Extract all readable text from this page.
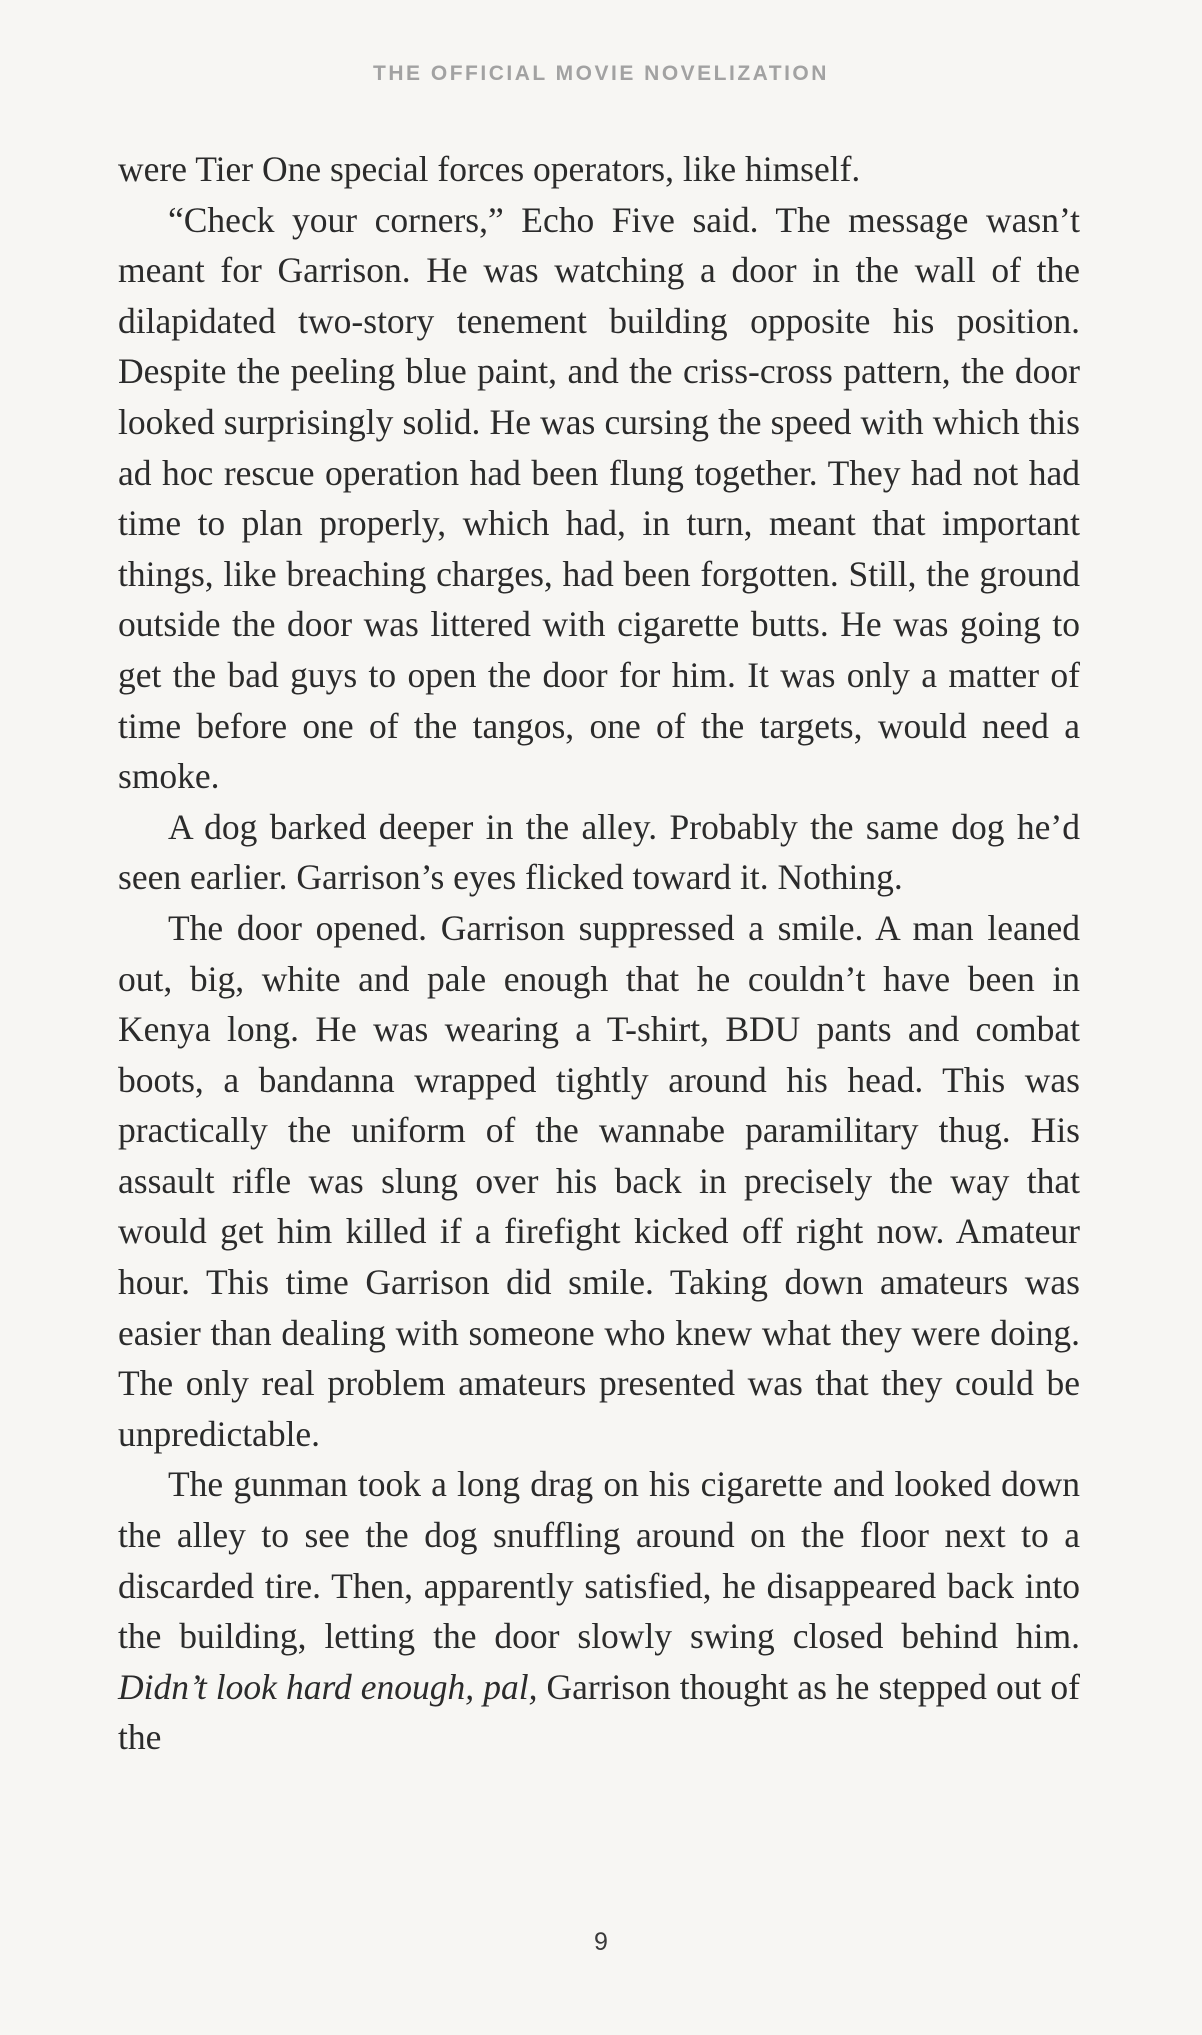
THE OFFICIAL MOVIE NOVELIZATION

were Tier One special forces operators, like himself.

“Check your corners,” Echo Five said. The message wasn’t meant for Garrison. He was watching a door in the wall of the dilapidated two-story tenement building opposite his position. Despite the peeling blue paint, and the criss-cross pattern, the door looked surprisingly solid. He was cursing the speed with which this ad hoc rescue operation had been flung together. They had not had time to plan properly, which had, in turn, meant that important things, like breaching charges, had been forgotten. Still, the ground outside the door was littered with cigarette butts. He was going to get the bad guys to open the door for him. It was only a matter of time before one of the tangos, one of the targets, would need a smoke.

A dog barked deeper in the alley. Probably the same dog he’d seen earlier. Garrison’s eyes flicked toward it. Nothing.

The door opened. Garrison suppressed a smile. A man leaned out, big, white and pale enough that he couldn’t have been in Kenya long. He was wearing a T-shirt, BDU pants and combat boots, a bandanna wrapped tightly around his head. This was practically the uniform of the wannabe paramilitary thug. His assault rifle was slung over his back in precisely the way that would get him killed if a firefight kicked off right now. Amateur hour. This time Garrison did smile. Taking down amateurs was easier than dealing with someone who knew what they were doing. The only real problem amateurs presented was that they could be unpredictable.

The gunman took a long drag on his cigarette and looked down the alley to see the dog snuffling around on the floor next to a discarded tire. Then, apparently satisfied, he disappeared back into the building, letting the door slowly swing closed behind him. Didn’t look hard enough, pal, Garrison thought as he stepped out of the

9
